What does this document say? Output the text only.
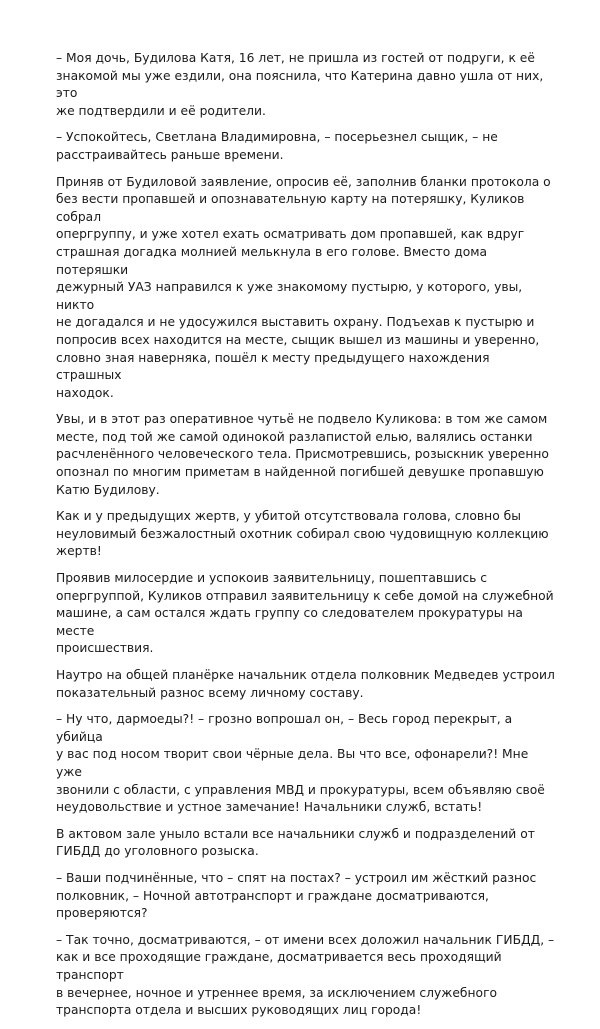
– Моя дочь, Будилова Катя, 16 лет, не пришла из гостей от подруги, к её
знакомой мы уже ездили, она пояснила, что Катерина давно ушла от них, это
же подтвердили и её родители.

– Успокойтесь, Светлана Владимировна, – посерьезнел сыщик, – не
расстраивайтесь раньше времени.

Приняв от Будиловой заявление, опросив её, заполнив бланки протокола о
без вести пропавшей и опознавательную карту на потеряшку, Куликов собрал
опергруппу, и уже хотел ехать осматривать дом пропавшей, как вдруг
страшная догадка молнией мелькнула в его голове. Вместо дома потеряшки
дежурный УАЗ направился к уже знакомому пустырю, у которого, увы, никто
не догадался и не удосужился выставить охрану. Подъехав к пустырю и
попросив всех находится на месте, сыщик вышел из машины и уверенно,
словно зная наверняка, пошёл к месту предыдущего нахождения страшных
находок.

Увы, и в этот раз оперативное чутьё не подвело Куликова: в том же самом
месте, под той же самой одинокой разлапистой елью, валялись останки
расчленённого человеческого тела. Присмотревшись, розыскник уверенно
опознал по многим приметам в найденной погибшей девушке пропавшую
Катю Будилову.

Как и у предыдущих жертв, у убитой отсутствовала голова, словно бы
неуловимый безжалостный охотник собирал свою чудовищную коллекцию
жертв!

Проявив милосердие и успокоив заявительницу, пошептавшись с
опергруппой, Куликов отправил заявительницу к себе домой на служебной
машине, а сам остался ждать группу со следователем прокуратуры на месте
происшествия.

Наутро на общей планёрке начальник отдела полковник Медведев устроил
показательный разнос всему личному составу.

– Ну что, дармоеды?! – грозно вопрошал он, – Весь город перекрыт, а убийца
у вас под носом творит свои чёрные дела. Вы что все, офонарели?! Мне уже
звонили с области, с управления МВД и прокуратуры, всем объявляю своё
неудовольствие и устное замечание! Начальники служб, встать!

В актовом зале уныло встали все начальники служб и подразделений от
ГИБДД до уголовного розыска.

– Ваши подчинённые, что – спят на постах? – устроил им жёсткий разнос
полковник, – Ночной автотранспорт и граждане досматриваются,
проверяются?

– Так точно, досматриваются, – от имени всех доложил начальник ГИБДД, –
как и все проходящие граждане, досматривается весь проходящий транспорт
в вечернее, ночное и утреннее время, за исключением служебного
транспорта отдела и высших руководящих лиц города!
